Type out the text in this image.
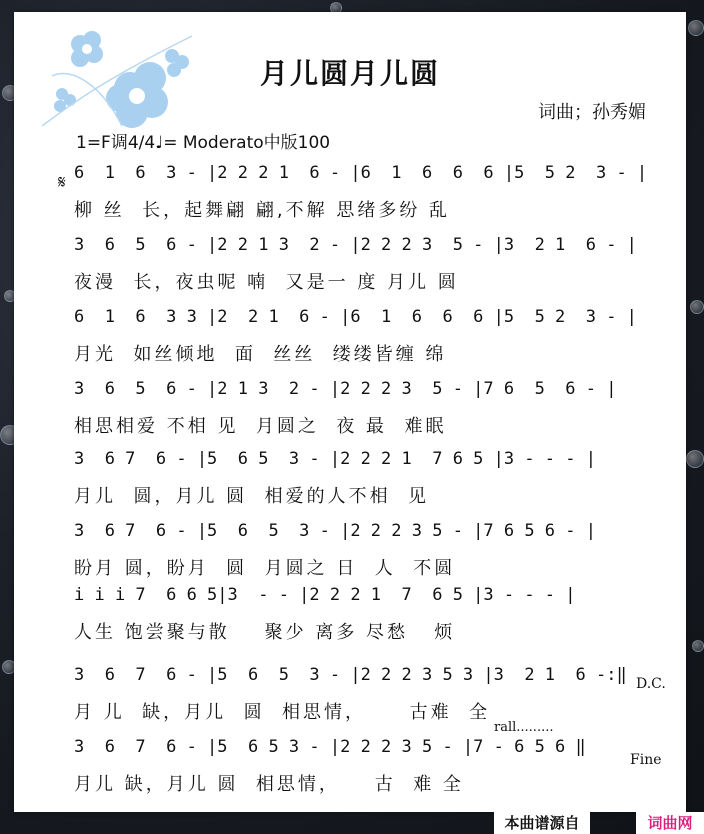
月儿圆月儿圆
词曲；孙秀媚
1=F调4/4♩= Moderato中版100
𝄋 6  1  6  3 - |2 2 2 1  6 - |6  1  6  6  6 |5  5 2  3 - |
柳 丝  长，起舞翩 翩,不解 思绪多纷 乱
3  6  5  6 - |2 2 1 3  2 - |2 2 2 3  5 - |3  2 1  6 - |
夜漫  长，夜虫呢 喃  又是一 度 月儿 圆
6  1  6  3 3 |2  2 1  6 - |6  1  6  6  6 |5  5 2  3 - |
月光  如丝倾地  面  丝丝  缕缕皆缠 绵
3  6  5  6 - |2 1 3  2 - |2 2 2 3  5 - |7 6  5  6 - |
相思相爱 不相 见  月圆之  夜 最  难眠
3  6 7  6 - |5  6 5  3 - |2 2 2 1  7 6 5 |3 - - - |
月儿  圆，月儿 圆  相爱的人不相  见
3  6 7  6 - |5  6  5  3 - |2 2 2 3 5 - |7 6 5 6 - |
盼月 圆，盼月  圆  月圆之 日  人  不圆
i i i 7  6 6 5|3  - - |2 2 2 1  7  6 5 |3 - - - |
人生 饱尝聚与散    聚少 离多 尽愁   烦
3  6  7  6 - |5  6  5  3 - |2 2 2 3 5 3 |3  2 1  6 -:‖
月 儿  缺，月儿  圆  相思情，     古难  全
3  6  7  6 - |5  6 5 3 - |2 2 2 3 5 - |7 - 6 5 6 ‖
月儿 缺，月儿 圆  相思情，    古  难 全
D.C.
rall.........
Fine
本曲谱源自	词曲网
